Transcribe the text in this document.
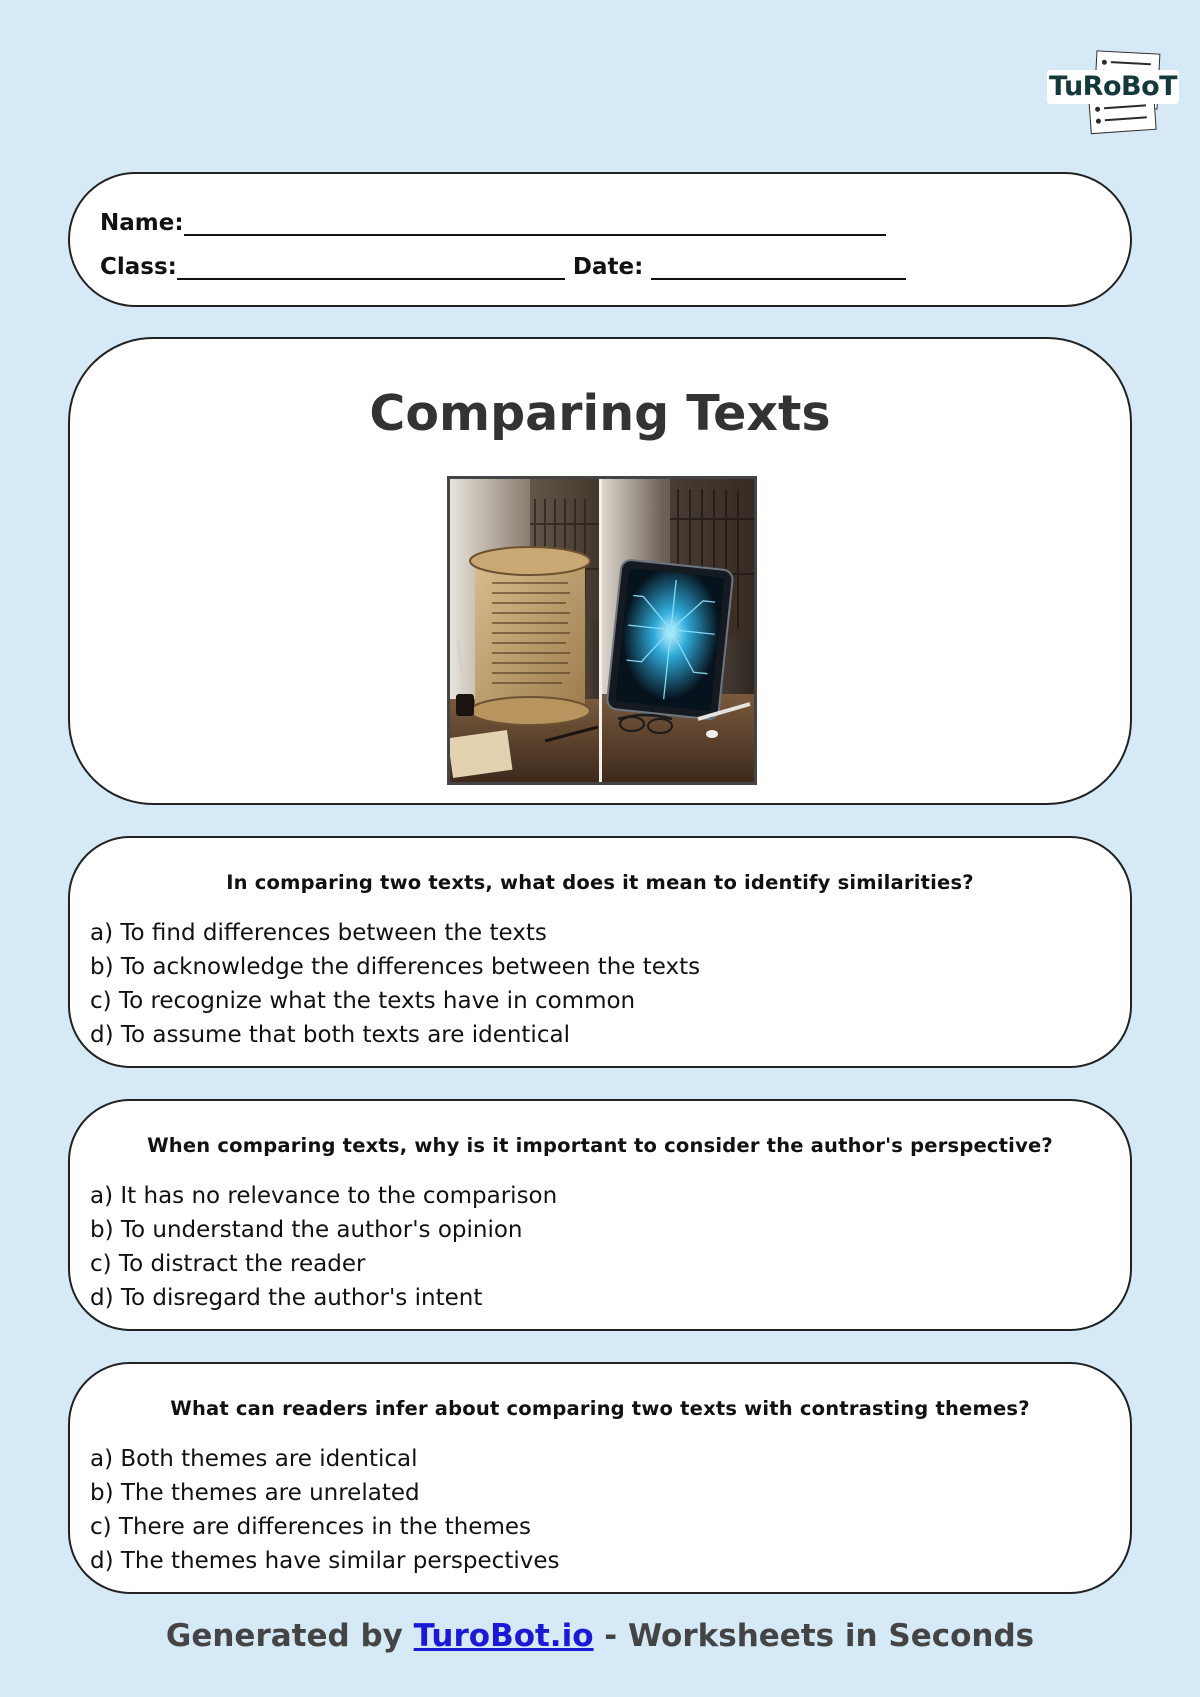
TuRoBoT
Name:
Class:	Date:
Comparing Texts
In comparing two texts, what does it mean to identify similarities?
a) To find differences between the texts
b) To acknowledge the differences between the texts
c) To recognize what the texts have in common
d) To assume that both texts are identical
When comparing texts, why is it important to consider the author's perspective?
a) It has no relevance to the comparison
b) To understand the author's opinion
c) To distract the reader
d) To disregard the author's intent
What can readers infer about comparing two texts with contrasting themes?
a) Both themes are identical
b) The themes are unrelated
c) There are differences in the themes
d) The themes have similar perspectives
Generated by TuroBot.io - Worksheets in Seconds
